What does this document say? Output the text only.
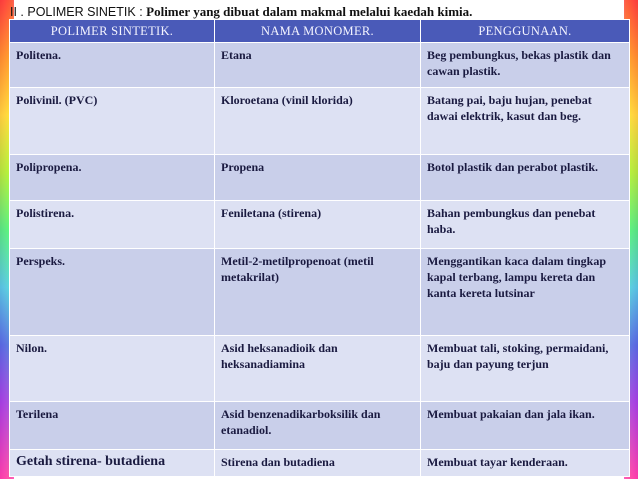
II . POLIMER SINETIK : Polimer yang dibuat dalam makmal melalui kaedah kimia.
POLIMER SINTETIK.	NAMA MONOMER.	PENGGUNAAN.
Politena.	Etana	Beg pembungkus, bekas plastik dan cawan plastik.
Polivinil. (PVC)	Kloroetana (vinil klorida)	Batang pai, baju hujan, penebat dawai elektrik, kasut dan beg.
Polipropena.	Propena	Botol plastik dan perabot plastik.
Polistirena.	Feniletana (stirena)	Bahan pembungkus dan penebat haba.
Perspeks.	Metil-2-metilpropenoat (metil metakrilat)	Menggantikan kaca dalam tingkap kapal terbang, lampu kereta dan kanta kereta lutsinar
Nilon.	Asid heksanadioik dan heksanadiamina	Membuat tali, stoking, permaidani, baju dan payung terjun
Terilena	Asid benzenadikarboksilik dan etanadiol.	Membuat pakaian dan jala ikan.
Getah stirena- butadiena	Stirena dan butadiena	Membuat tayar kenderaan.
